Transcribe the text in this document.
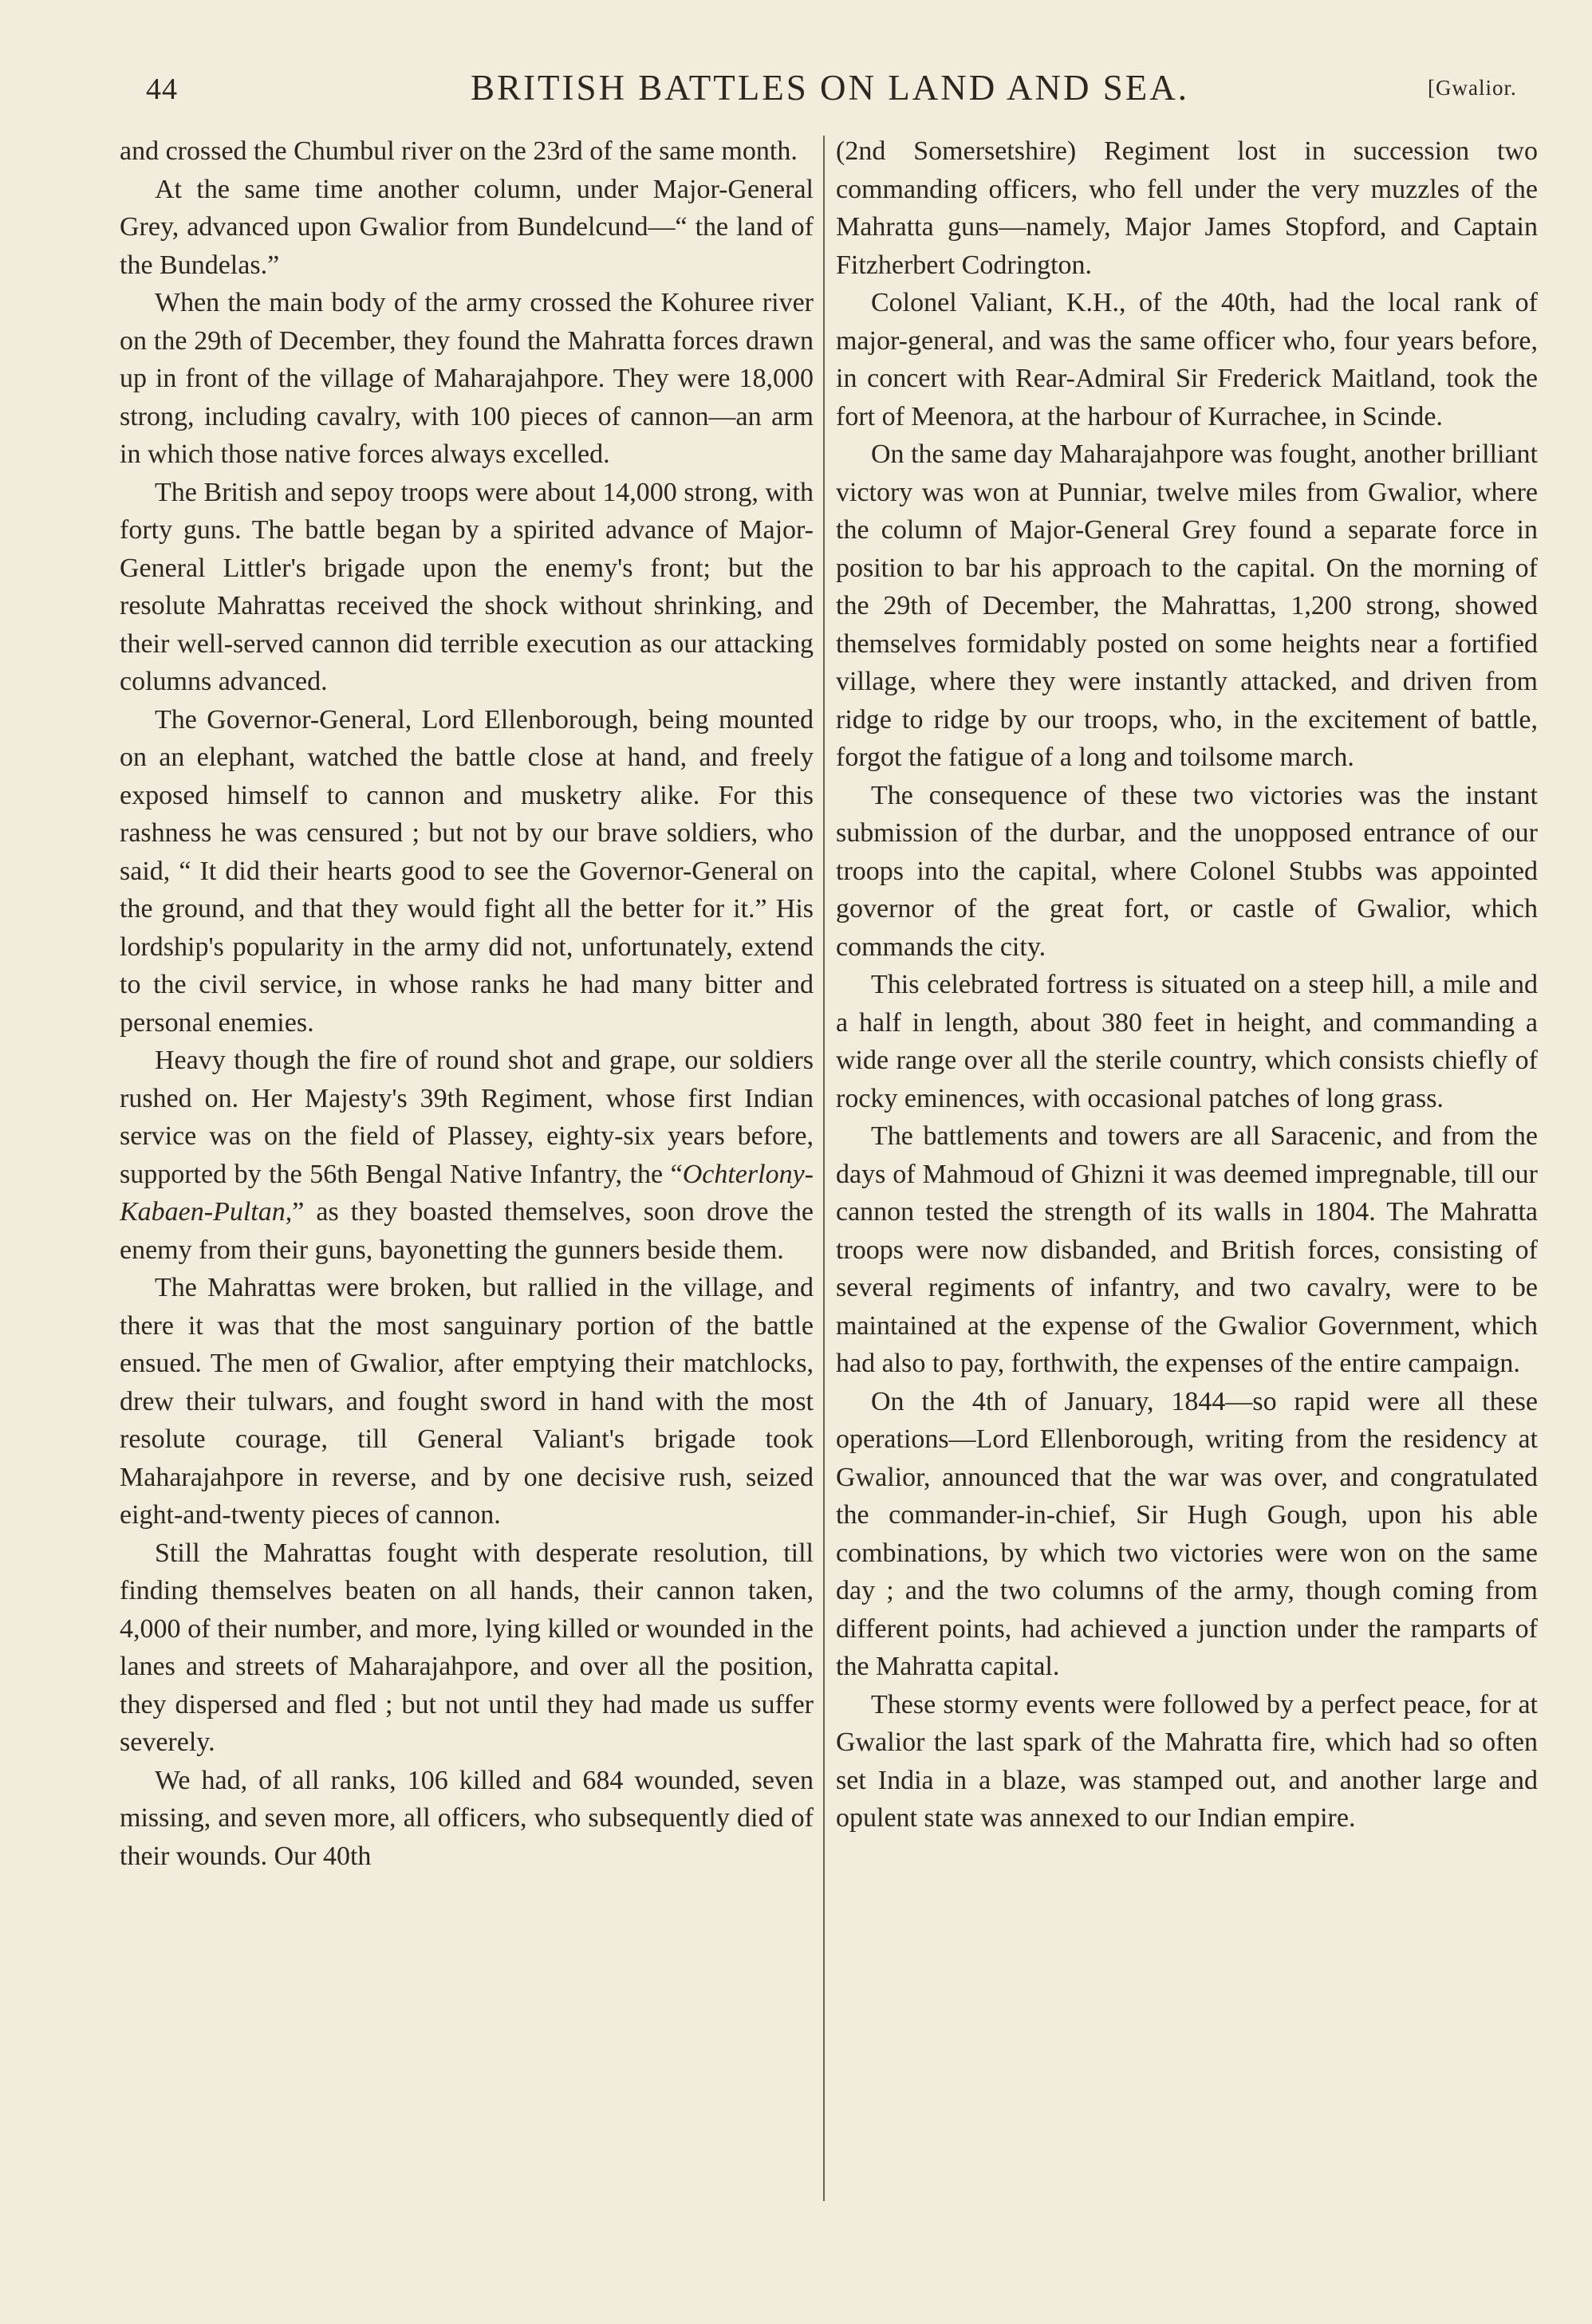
44	BRITISH BATTLES ON LAND AND SEA.	[Gwalior.

and crossed the Chumbul river on the 23rd of the same month.

At the same time another column, under Major-General Grey, advanced upon Gwalior from Bundelcund—“ the land of the Bundelas.”

When the main body of the army crossed the Kohuree river on the 29th of December, they found the Mahratta forces drawn up in front of the village of Maharajahpore. They were 18,000 strong, including cavalry, with 100 pieces of cannon—an arm in which those native forces always excelled.

The British and sepoy troops were about 14,000 strong, with forty guns. The battle began by a spirited advance of Major-General Littler's brigade upon the enemy's front; but the resolute Mahrattas received the shock without shrinking, and their well-served cannon did terrible execution as our attacking columns advanced.

The Governor-General, Lord Ellenborough, being mounted on an elephant, watched the battle close at hand, and freely exposed himself to cannon and musketry alike. For this rashness he was censured ; but not by our brave soldiers, who said, “ It did their hearts good to see the Governor-General on the ground, and that they would fight all the better for it.” His lordship's popularity in the army did not, unfortunately, extend to the civil service, in whose ranks he had many bitter and personal enemies.

Heavy though the fire of round shot and grape, our soldiers rushed on. Her Majesty's 39th Regiment, whose first Indian service was on the field of Plassey, eighty-six years before, supported by the 56th Bengal Native Infantry, the “Ochterlony-Kabaen-Pultan,” as they boasted themselves, soon drove the enemy from their guns, bayonetting the gunners beside them.

The Mahrattas were broken, but rallied in the village, and there it was that the most sanguinary portion of the battle ensued. The men of Gwalior, after emptying their matchlocks, drew their tulwars, and fought sword in hand with the most resolute courage, till General Valiant's brigade took Maharajahpore in reverse, and by one decisive rush, seized eight-and-twenty pieces of cannon.

Still the Mahrattas fought with desperate resolution, till finding themselves beaten on all hands, their cannon taken, 4,000 of their number, and more, lying killed or wounded in the lanes and streets of Maharajahpore, and over all the position, they dispersed and fled ; but not until they had made us suffer severely.

We had, of all ranks, 106 killed and 684 wounded, seven missing, and seven more, all officers, who subsequently died of their wounds. Our 40th

(2nd Somersetshire) Regiment lost in succession two commanding officers, who fell under the very muzzles of the Mahratta guns—namely, Major James Stopford, and Captain Fitzherbert Codrington.

Colonel Valiant, K.H., of the 40th, had the local rank of major-general, and was the same officer who, four years before, in concert with Rear-Admiral Sir Frederick Maitland, took the fort of Meenora, at the harbour of Kurrachee, in Scinde.

On the same day Maharajahpore was fought, another brilliant victory was won at Punniar, twelve miles from Gwalior, where the column of Major-General Grey found a separate force in position to bar his approach to the capital. On the morning of the 29th of December, the Mahrattas, 1,200 strong, showed themselves formidably posted on some heights near a fortified village, where they were instantly attacked, and driven from ridge to ridge by our troops, who, in the excitement of battle, forgot the fatigue of a long and toilsome march.

The consequence of these two victories was the instant submission of the durbar, and the unopposed entrance of our troops into the capital, where Colonel Stubbs was appointed governor of the great fort, or castle of Gwalior, which commands the city.

This celebrated fortress is situated on a steep hill, a mile and a half in length, about 380 feet in height, and commanding a wide range over all the sterile country, which consists chiefly of rocky eminences, with occasional patches of long grass.

The battlements and towers are all Saracenic, and from the days of Mahmoud of Ghizni it was deemed impregnable, till our cannon tested the strength of its walls in 1804. The Mahratta troops were now disbanded, and British forces, consisting of several regiments of infantry, and two cavalry, were to be maintained at the expense of the Gwalior Government, which had also to pay, forthwith, the expenses of the entire campaign.

On the 4th of January, 1844—so rapid were all these operations—Lord Ellenborough, writing from the residency at Gwalior, announced that the war was over, and congratulated the commander-in-chief, Sir Hugh Gough, upon his able combinations, by which two victories were won on the same day ; and the two columns of the army, though coming from different points, had achieved a junction under the ramparts of the Mahratta capital.

These stormy events were followed by a perfect peace, for at Gwalior the last spark of the Mahratta fire, which had so often set India in a blaze, was stamped out, and another large and opulent state was annexed to our Indian empire.
